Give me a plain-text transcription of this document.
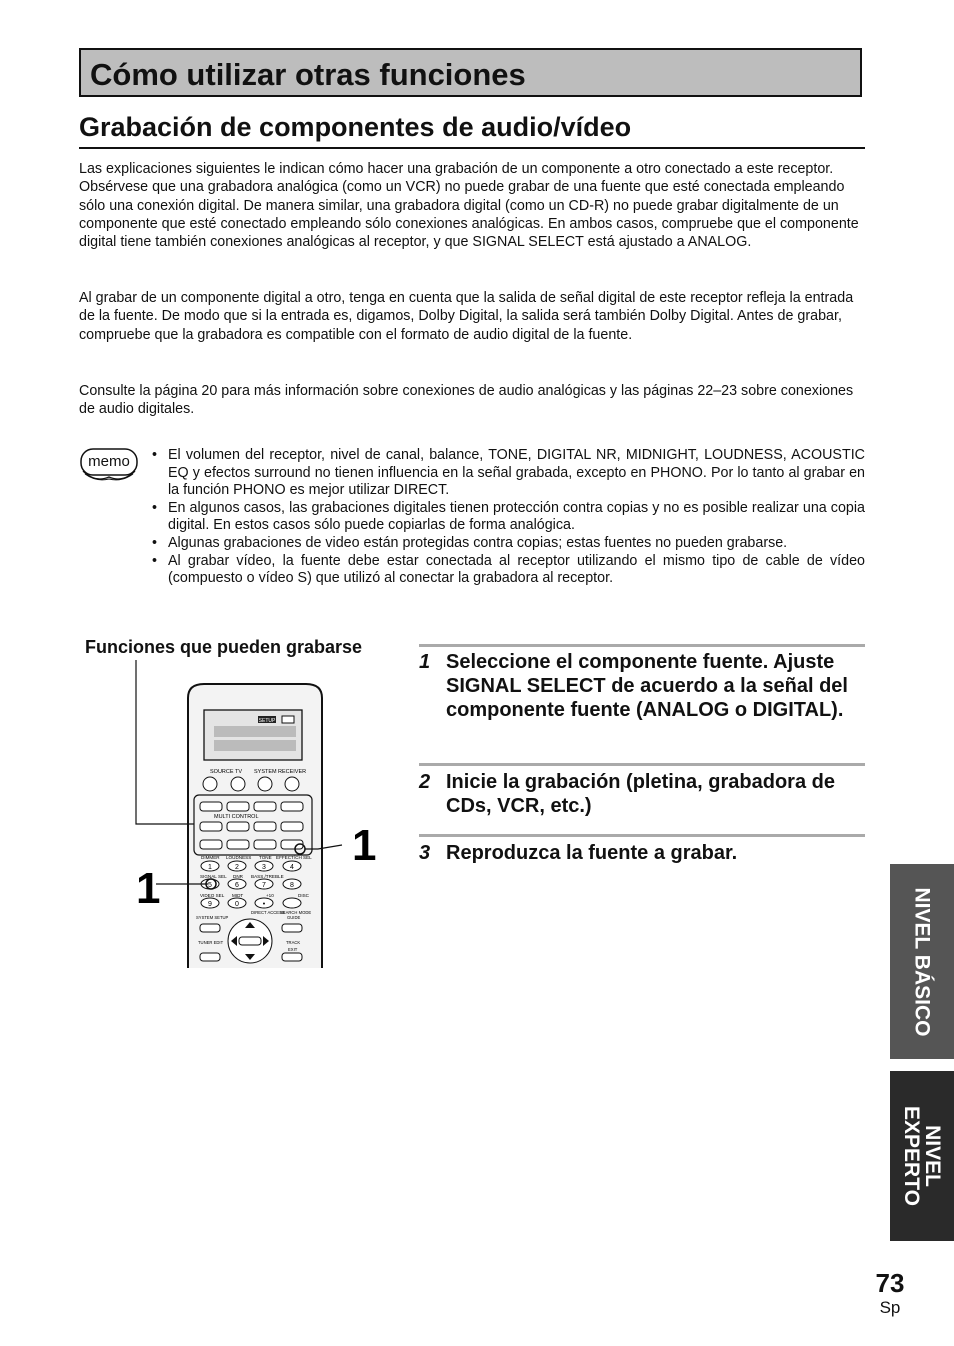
Cómo utilizar otras funciones
Grabación de componentes de audio/vídeo

Las explicaciones siguientes le indican cómo hacer una grabación de un componente a otro conectado a este receptor. Obsérvese que una grabadora analógica (como un VCR) no puede grabar de una fuente que esté conectada empleando sólo una conexión digital. De manera similar, una grabadora digital (como un CD-R) no puede grabar digitalmente de un componente que esté conectado empleando sólo conexiones analógicas. En ambos casos, compruebe que el componente digital tiene también conexiones analógicas al receptor, y que SIGNAL SELECT está ajustado a ANALOG.

Al grabar de un componente digital a otro, tenga en cuenta que la salida de señal digital de este receptor refleja la entrada de la fuente. De modo que si la entrada es, digamos, Dolby Digital, la salida será también Dolby Digital. Antes de grabar, compruebe que la grabadora es compatible con el formato de audio digital de la fuente.

Consulte la página 20 para más información sobre conexiones de audio analógicas y las páginas 22–23 sobre conexiones de audio digitales.

memo
•	El volumen del receptor, nivel de canal, balance, TONE, DIGITAL NR, MIDNIGHT, LOUDNESS, ACOUSTIC EQ y efectos surround no tienen influencia en la señal grabada, excepto en PHONO. Por lo tanto al grabar en la función PHONO es mejor utilizar DIRECT.
• En algunos casos, las grabaciones digitales tienen protección contra copias y no es posible realizar una copia digital. En estos casos sólo puede copiarlas de forma analógica.
• Algunas grabaciones de video están protegidas contra copias; estas fuentes no pueden grabarse.
• Al grabar vídeo, la fuente debe estar conectada al receptor utilizando el mismo tipo de cable de vídeo (compuesto o vídeo S) que utilizó al conectar la grabadora al receptor.
Funciones que pueden grabarse
SETUP
SOURCE TV SYSTEM RECEIVER
MULTI CONTROL
DIMMER LOUDNESS TONE EFFECT/CH SEL
1	2	3	4
5	6	7	8
9	0	•
SIGNAL SEL DNR BASS /TREBLE
VIDEO SEL MIDT	+10	DISC
SYSTEM SETUP
TUNER EDIT
DIRECT ACCESS
SEARCH MODE
GUIDE
TRACK
EXIT
1
1
1 Seleccione el componente fuente. Ajuste SIGNAL SELECT de acuerdo a la señal del componente fuente (ANALOG o DIGITAL).
2 Inicie la grabación (pletina, grabadora de CDs, VCR, etc.)
3 Reproduzca la fuente a grabar.
NIVEL BÁSICO
NIVEL EXPERTO
73
Sp
